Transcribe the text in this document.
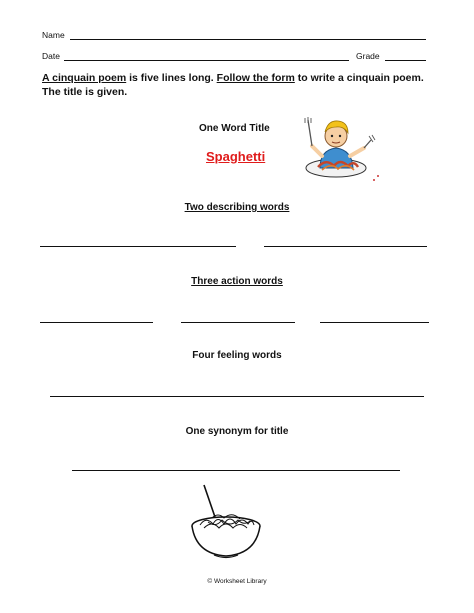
Name
Date	Grade
A cinquain poem is five lines long. Follow the form to write a cinquain poem. The title is given.
One Word Title
Spaghetti
Two describing words
Three action words
Four feeling words
One synonym for title
© Worksheet Library
